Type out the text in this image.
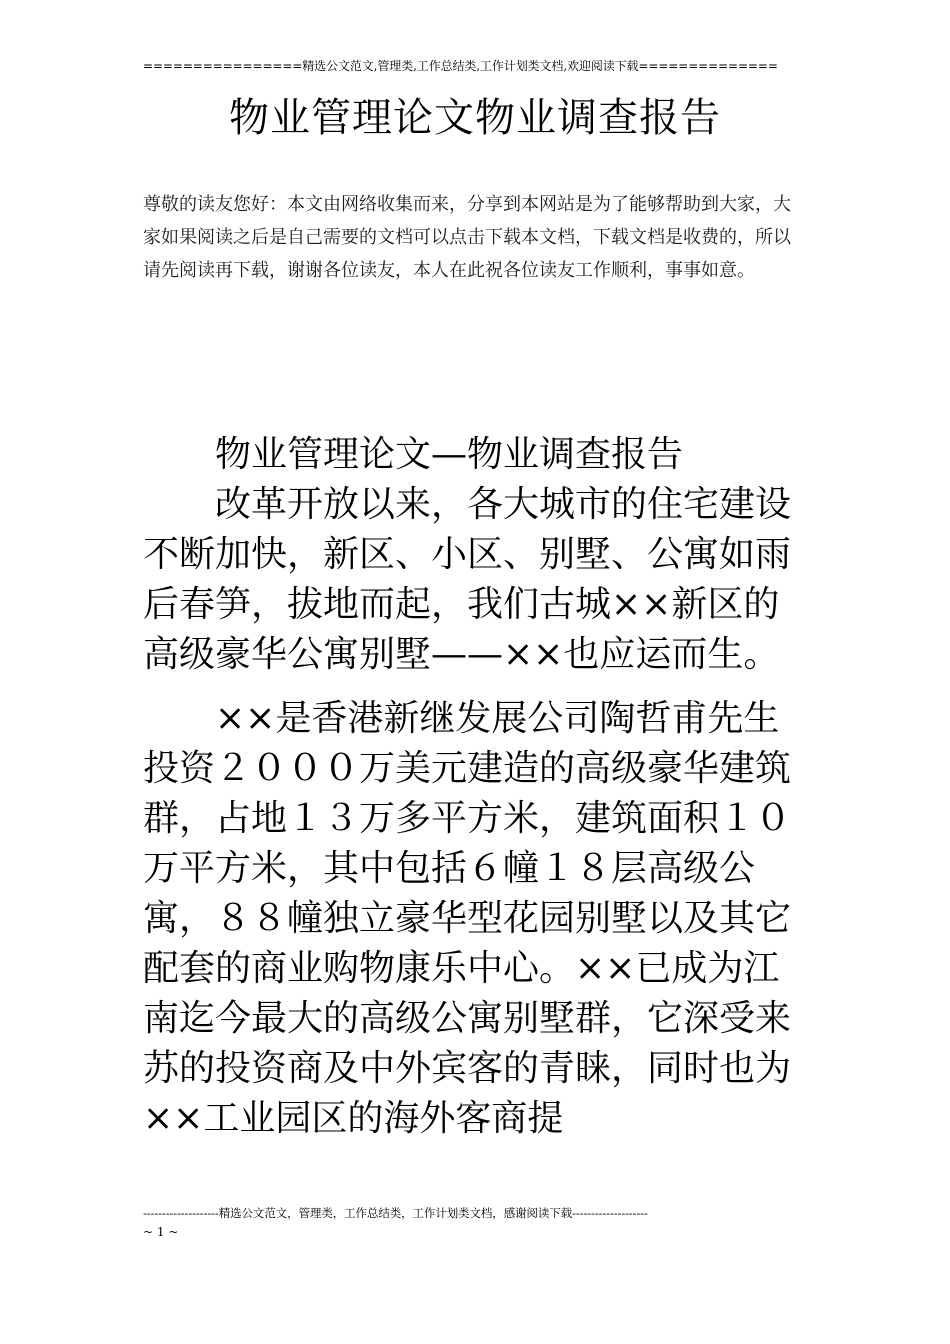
================精选公文范文,管理类,工作总结类,工作计划类文档,欢迎阅读下载==============
物业管理论文物业调查报告
尊敬的读友您好：本文由网络收集而来，分享到本网站是为了能够帮助到大家，大家如果阅读之后是自己需要的文档可以点击下载本文档，下载文档是收费的，所以请先阅读再下载，谢谢各位读友，本人在此祝各位读友工作顺利，事事如意。

物业管理论文—物业调查报告

改革开放以来，各大城市的住宅建设不断加快，新区、小区、别墅、公寓如雨后春笋，拔地而起，我们古城××新区的高级豪华公寓别墅——××也应运而生。

××是香港新继发展公司陶哲甫先生投资２０００万美元建造的高级豪华建筑群，占地１３万多平方米，建筑面积１０万平方米，其中包括６幢１８层高级公寓，８８幢独立豪华型花园别墅以及其它配套的商业购物康乐中心。××已成为江南迄今最大的高级公寓别墅群，它深受来苏的投资商及中外宾客的青睐，同时也为××工业园区的海外客商提

--------------------精选公文范文，管理类，工作总结类，工作计划类文档，感谢阅读下载--------------------
~ 1 ~
